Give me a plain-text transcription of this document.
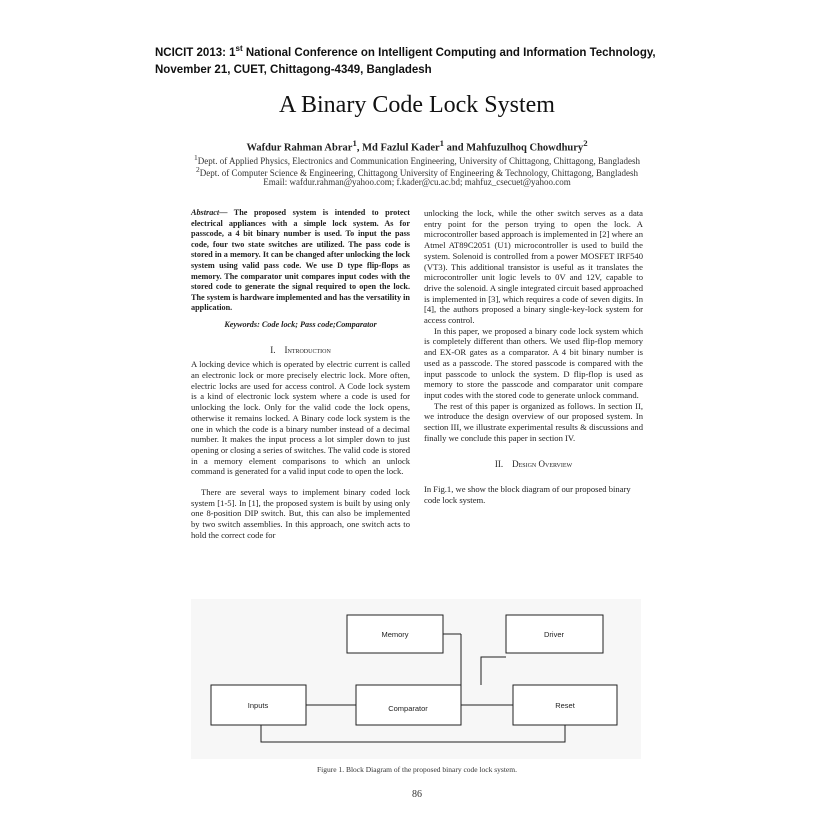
NCICIT 2013: 1st National Conference on Intelligent Computing and Information Technology,
November 21, CUET, Chittagong-4349, Bangladesh
A Binary Code Lock System
Wafdur Rahman Abrar$^1$, Md Fazlul Kader$^1$ and Mahfuzulhoq Chowdhury$^2$
$^1$Dept. of Applied Physics, Electronics and Communication Engineering, University of Chittagong, Chittagong, Bangladesh
$^2$Dept. of Computer Science & Engineering, Chittagong University of Engineering & Technology, Chittagong, Bangladesh
Email: wafdur.rahman@yahoo.com; f.kader@cu.ac.bd; mahfuz_csecuet@yahoo.com

Abstract— The proposed system is intended to protect electrical appliances with a simple lock system. As for passcode, a 4 bit binary number is used. To input the pass code, four two state switches are utilized. The pass code is stored in a memory. It can be changed after unlocking the lock system using valid pass code. We use D type flip-flops as memory. The comparator unit compares input codes with the stored code to generate the signal required to open the lock. The system is hardware implemented and has the versatility in application.

Keywords: Code lock; Pass code;Comparator

I. Introduction

A locking device which is operated by electric current is called an electronic lock or more precisely electric lock. More often, electric locks are used for access control. A Code lock system is a kind of electronic lock system where a code is used for unlocking the lock. Only for the valid code the lock opens, otherwise it remains locked. A Binary code lock system is the one in which the code is a binary number instead of a decimal number. It makes the input process a lot simpler down to just opening or closing a series of switches. The valid code is stored in a memory element comparisons to which an unlock command is generated for a valid input code to open the lock.

There are several ways to implement binary coded lock system [1-5]. In [1], the proposed system is built by using only one 8-position DIP switch. But, this can also be implemented by two switch assemblies. In this approach, one switch acts to hold the correct code for

unlocking the lock, while the other switch serves as a data entry point for the person trying to open the lock. A microcontroller based approach is implemented in [2] where an Atmel AT89C2051 (U1) microcontroller is used to build the system. Solenoid is controlled from a power MOSFET IRF540 (VT3). This additional transistor is useful as it translates the microcontroller unit logic levels to 0V and 12V, capable to drive the solenoid. A single integrated circuit based approached is implemented in [3], which requires a code of seven digits. In [4], the authors proposed a binary single-key-lock system for access control.

In this paper, we proposed a binary code lock system which is completely different than others. We used flip-flop memory and EX-OR gates as a comparator. A 4 bit binary number is used as a passcode. The stored passcode is compared with the input passcode to unlock the system. D flip-flop is used as memory to store the passcode and comparator unit compare input codes with the stored code to generate unlock command.

The rest of this paper is organized as follows. In section II, we introduce the design overview of our proposed system. In section III, we illustrate experimental results & discussions and finally we conclude this paper in section IV.

II. Design Overview

In Fig.1, we show the block diagram of our proposed binary code lock system.

Memory	Driver
Inputs	Comparator	Reset
Figure 1. Block Diagram of the proposed binary code lock system.
86
